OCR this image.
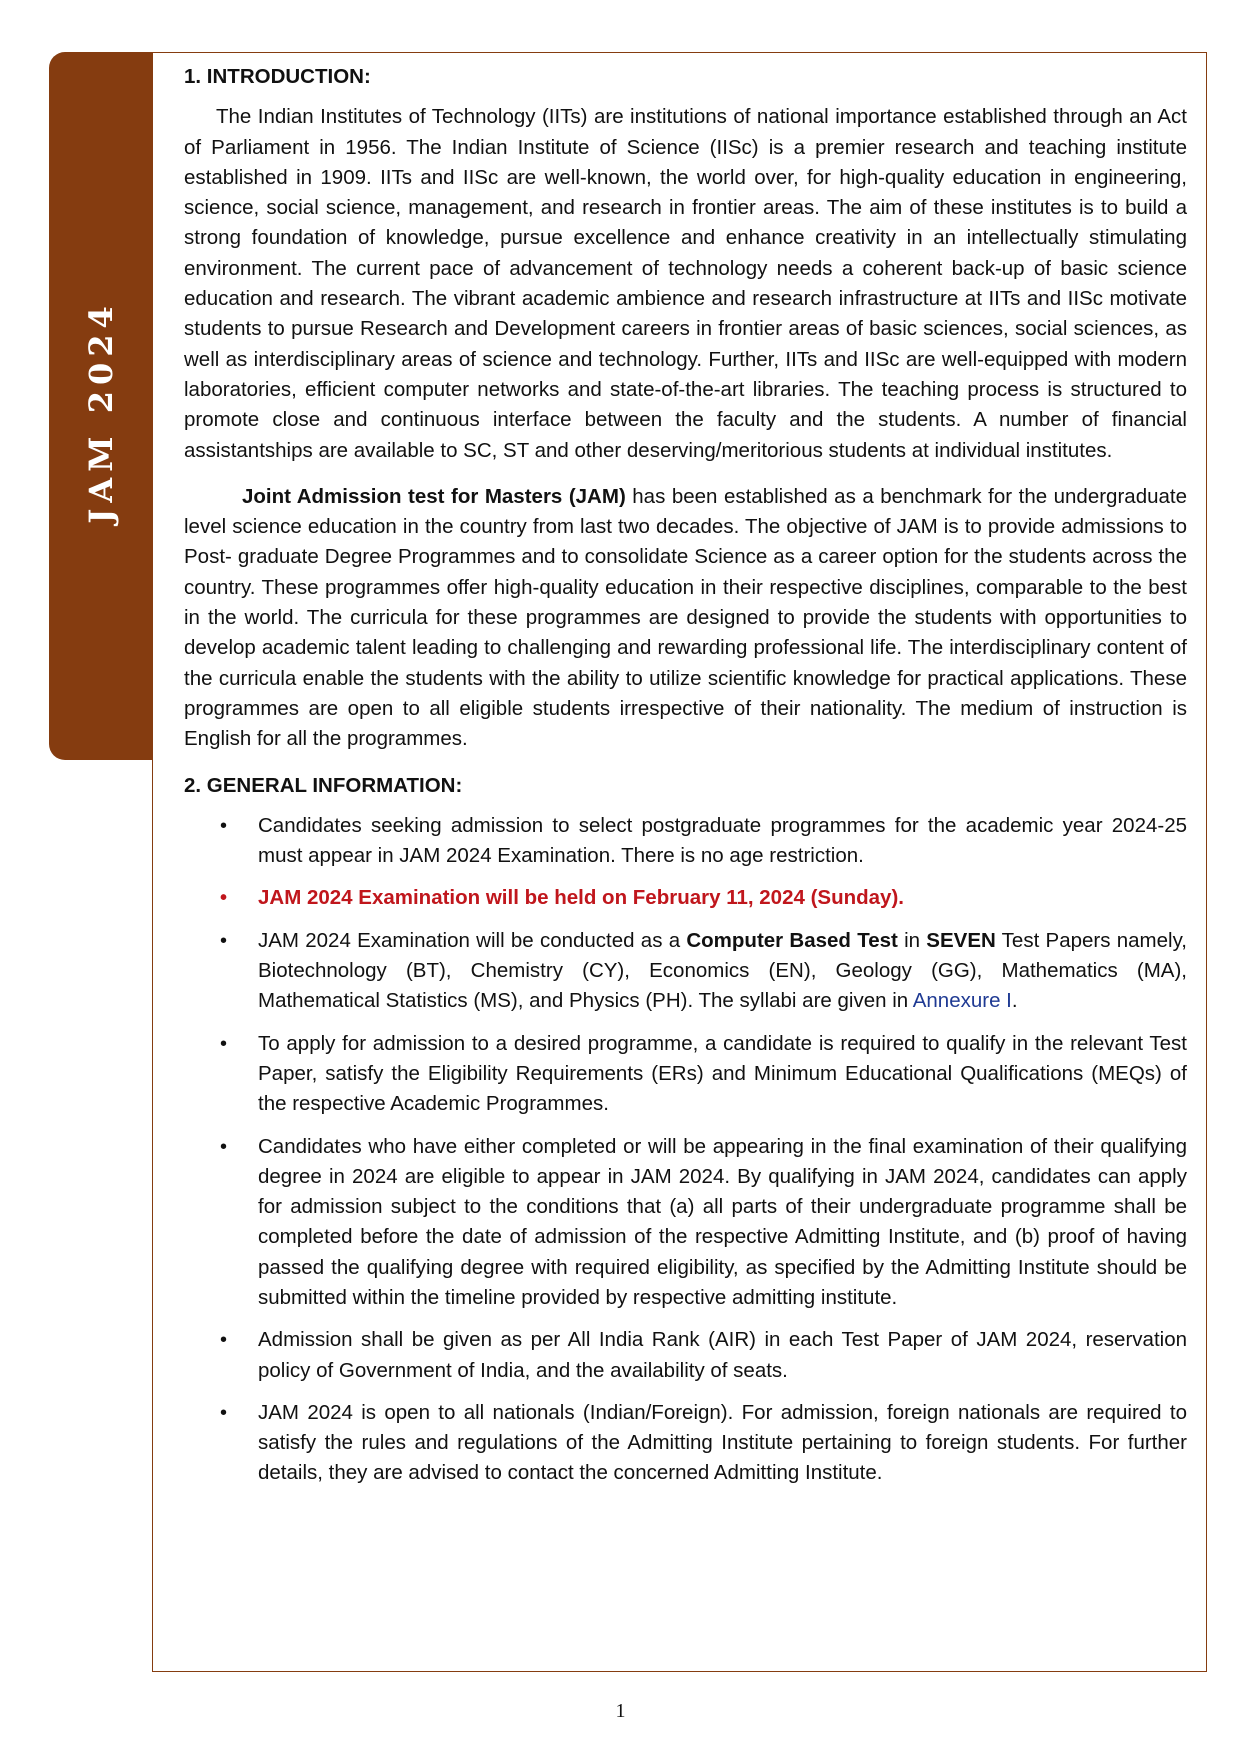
JAM 2024
1. INTRODUCTION:

The Indian Institutes of Technology (IITs) are institutions of national importance established through an Act of Parliament in 1956. The Indian Institute of Science (IISc) is a premier research and teaching institute established in 1909. IITs and IISc are well-known, the world over, for high-quality education in engineering, science, social science, management, and research in frontier areas. The aim of these institutes is to build a strong foundation of knowledge, pursue excellence and enhance creativity in an intellectually stimulating environment. The current pace of advancement of technology needs a coherent back-up of basic science education and research. The vibrant academic ambience and research infrastructure at IITs and IISc motivate students to pursue Research and Development careers in frontier areas of basic sciences, social sciences, as well as interdisciplinary areas of science and technology. Further, IITs and IISc are well-equipped with modern laboratories, efficient computer networks and state-of-the-art libraries. The teaching process is structured to promote close and continuous interface between the faculty and the students. A number of financial assistantships are available to SC, ST and other deserving/meritorious students at individual institutes.

Joint Admission test for Masters (JAM) has been established as a benchmark for the undergraduate level science education in the country from last two decades. The objective of JAM is to provide admissions to Post- graduate Degree Programmes and to consolidate Science as a career option for the students across the country. These programmes offer high-quality education in their respective disciplines, comparable to the best in the world. The curricula for these programmes are designed to provide the students with opportunities to develop academic talent leading to challenging and rewarding professional life. The interdisciplinary content of the curricula enable the students with the ability to utilize scientific knowledge for practical applications. These programmes are open to all eligible students irrespective of their nationality. The medium of instruction is English for all the programmes.

2. GENERAL INFORMATION:
• Candidates seeking admission to select postgraduate programmes for the academic year 2024-25 must appear in JAM 2024 Examination. There is no age restriction.
• JAM 2024 Examination will be held on February 11, 2024 (Sunday).
• JAM 2024 Examination will be conducted as a Computer Based Test in SEVEN Test Papers namely, Biotechnology (BT), Chemistry (CY), Economics (EN), Geology (GG), Mathematics (MA), Mathematical Statistics (MS), and Physics (PH). The syllabi are given in Annexure I.
• To apply for admission to a desired programme, a candidate is required to qualify in the relevant Test Paper, satisfy the Eligibility Requirements (ERs) and Minimum Educational Qualifications (MEQs) of the respective Academic Programmes.
• Candidates who have either completed or will be appearing in the final examination of their qualifying degree in 2024 are eligible to appear in JAM 2024. By qualifying in JAM 2024, candidates can apply for admission subject to the conditions that (a) all parts of their undergraduate programme shall be completed before the date of admission of the respective Admitting Institute, and (b) proof of having passed the qualifying degree with required eligibility, as specified by the Admitting Institute should be submitted within the timeline provided by respective admitting institute.
• Admission shall be given as per All India Rank (AIR) in each Test Paper of JAM 2024, reservation policy of Government of India, and the availability of seats.
• JAM 2024 is open to all nationals (Indian/Foreign). For admission, foreign nationals are required to satisfy the rules and regulations of the Admitting Institute pertaining to foreign students. For further details, they are advised to contact the concerned Admitting Institute.
1
